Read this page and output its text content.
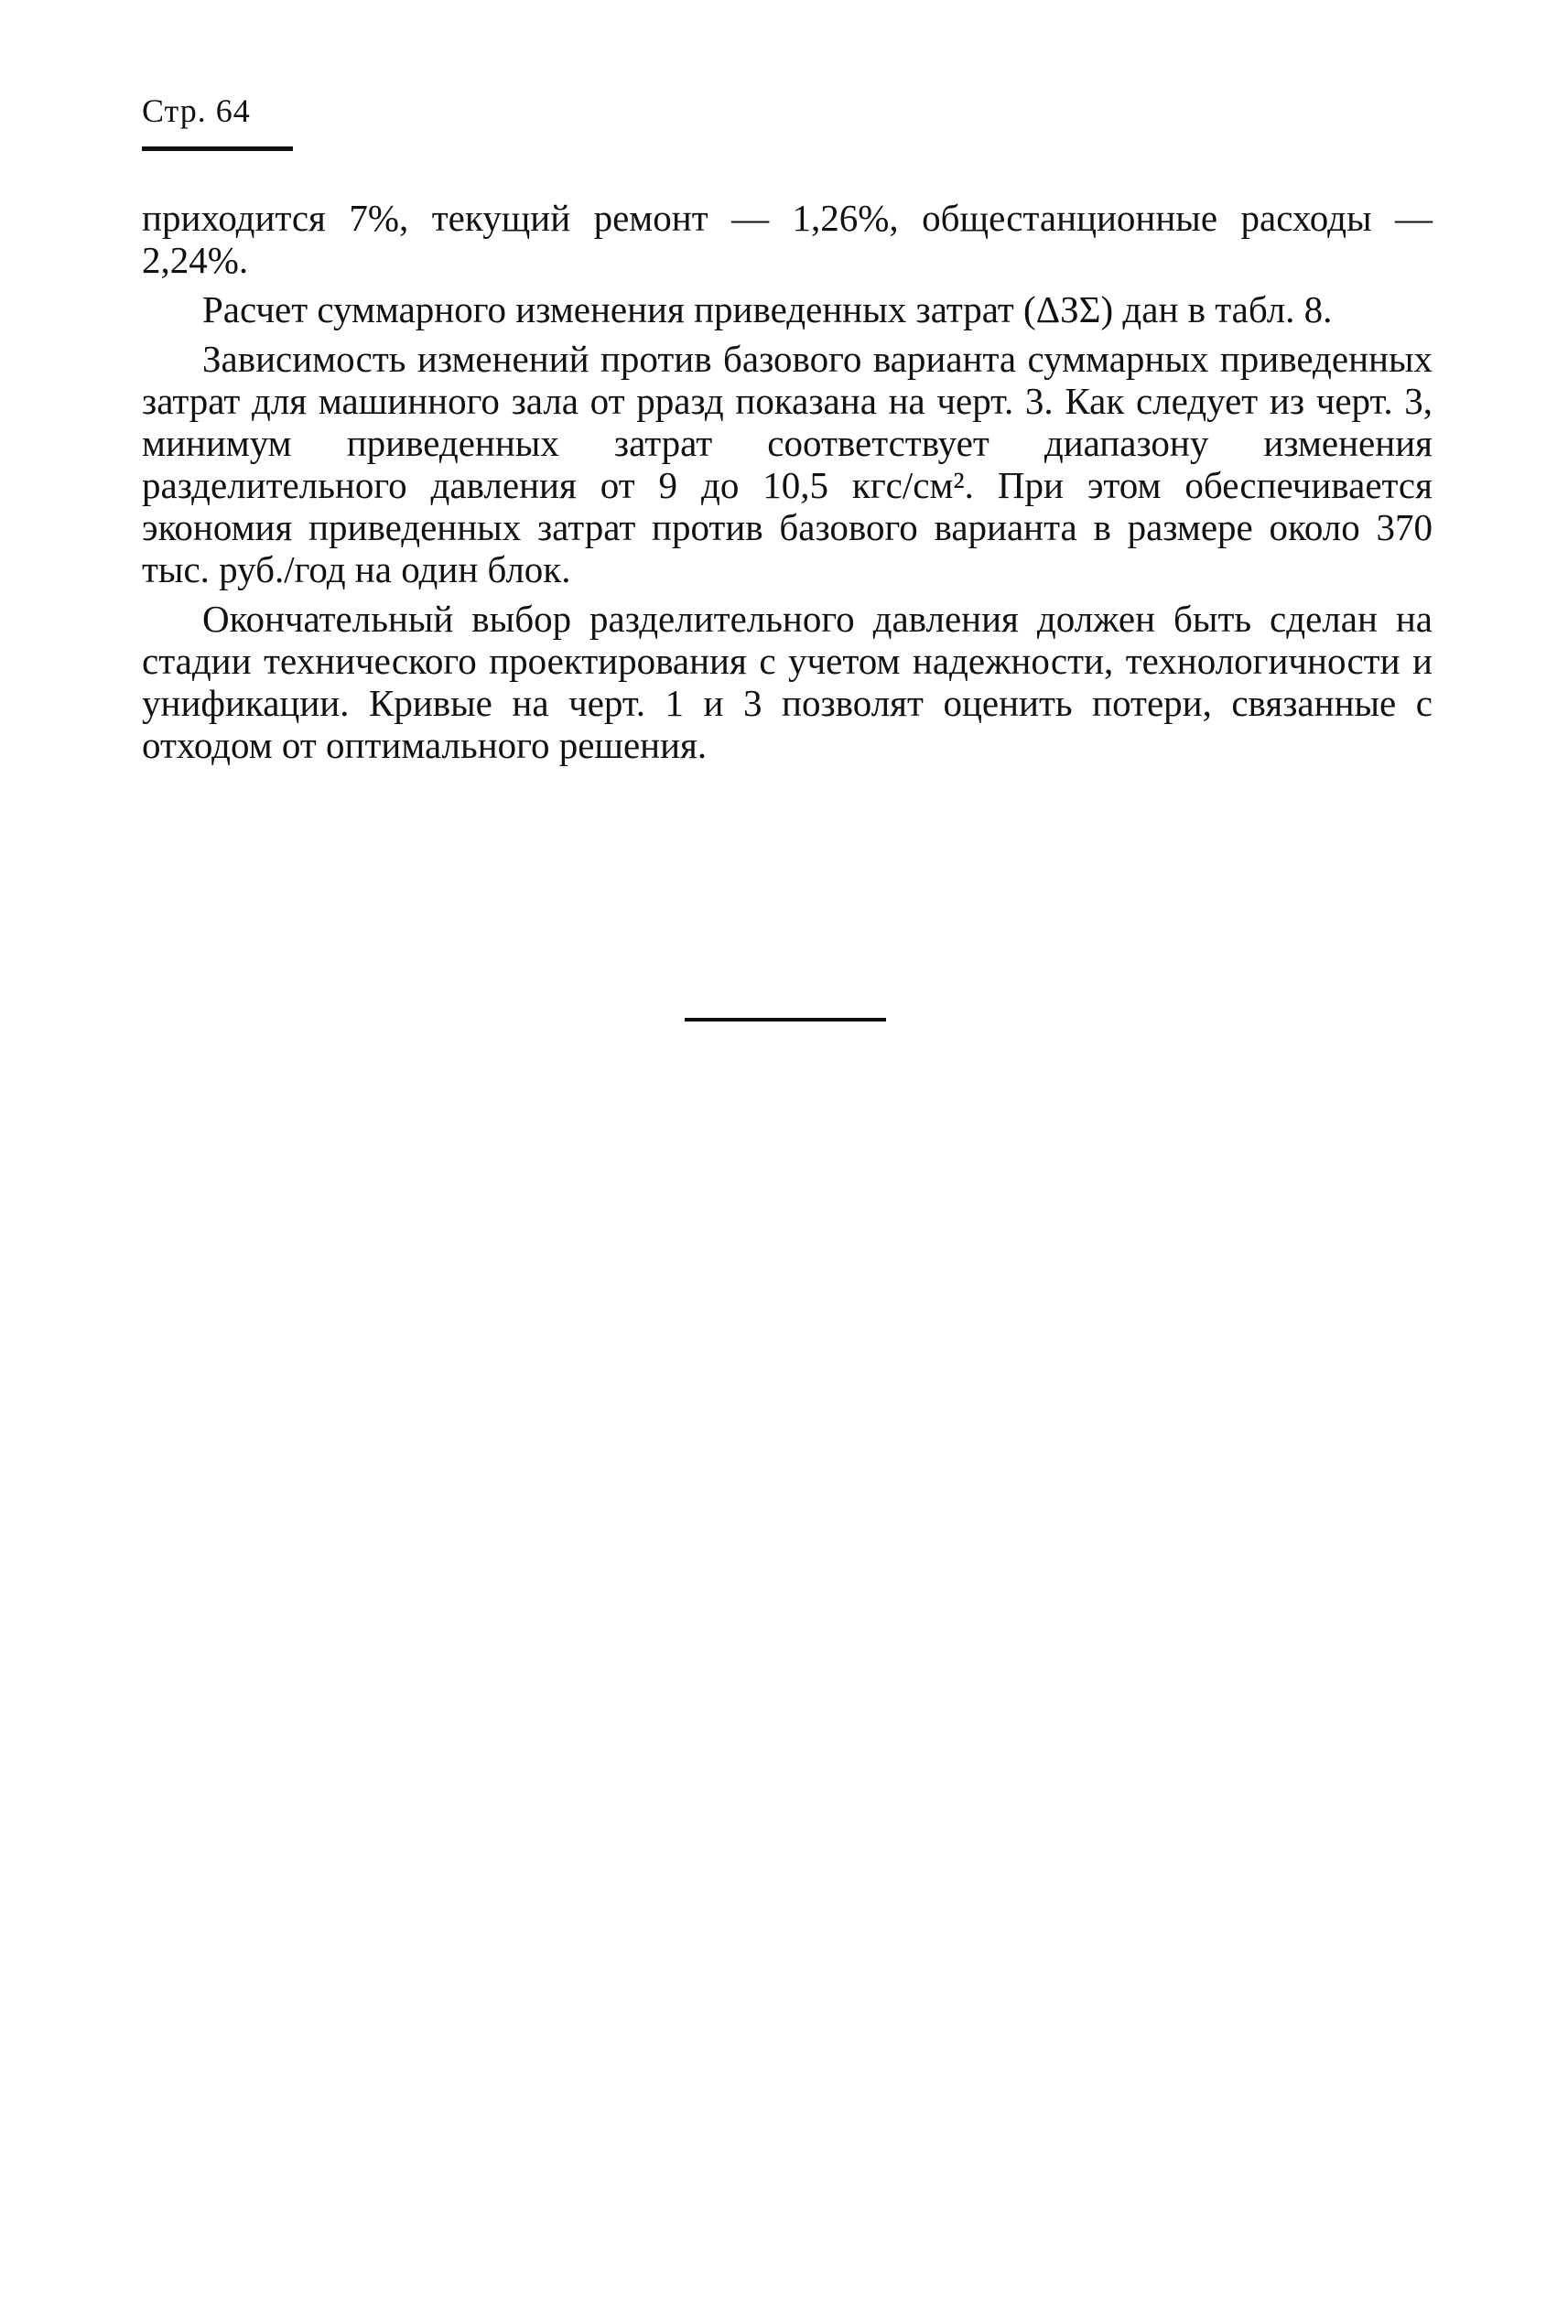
Стр. 64

приходится 7%, текущий ремонт — 1,26%, общестанционные расходы — 2,24%.

Расчет суммарного изменения приведенных затрат (ΔЗΣ) дан в табл. 8.

Зависимость изменений против базового варианта суммарных приведенных затрат для машинного зала от pразд показана на черт. 3. Как следует из черт. 3, минимум приведенных затрат соответствует диапазону изменения разделительного давления от 9 до 10,5 кгс/см². При этом обеспечивается экономия приведенных затрат против базового варианта в размере около 370 тыс. руб./год на один блок.

Окончательный выбор разделительного давления должен быть сделан на стадии технического проектирования с учетом надежности, технологичности и унификации. Кривые на черт. 1 и 3 позволят оценить потери, связанные с отходом от оптимального решения.
